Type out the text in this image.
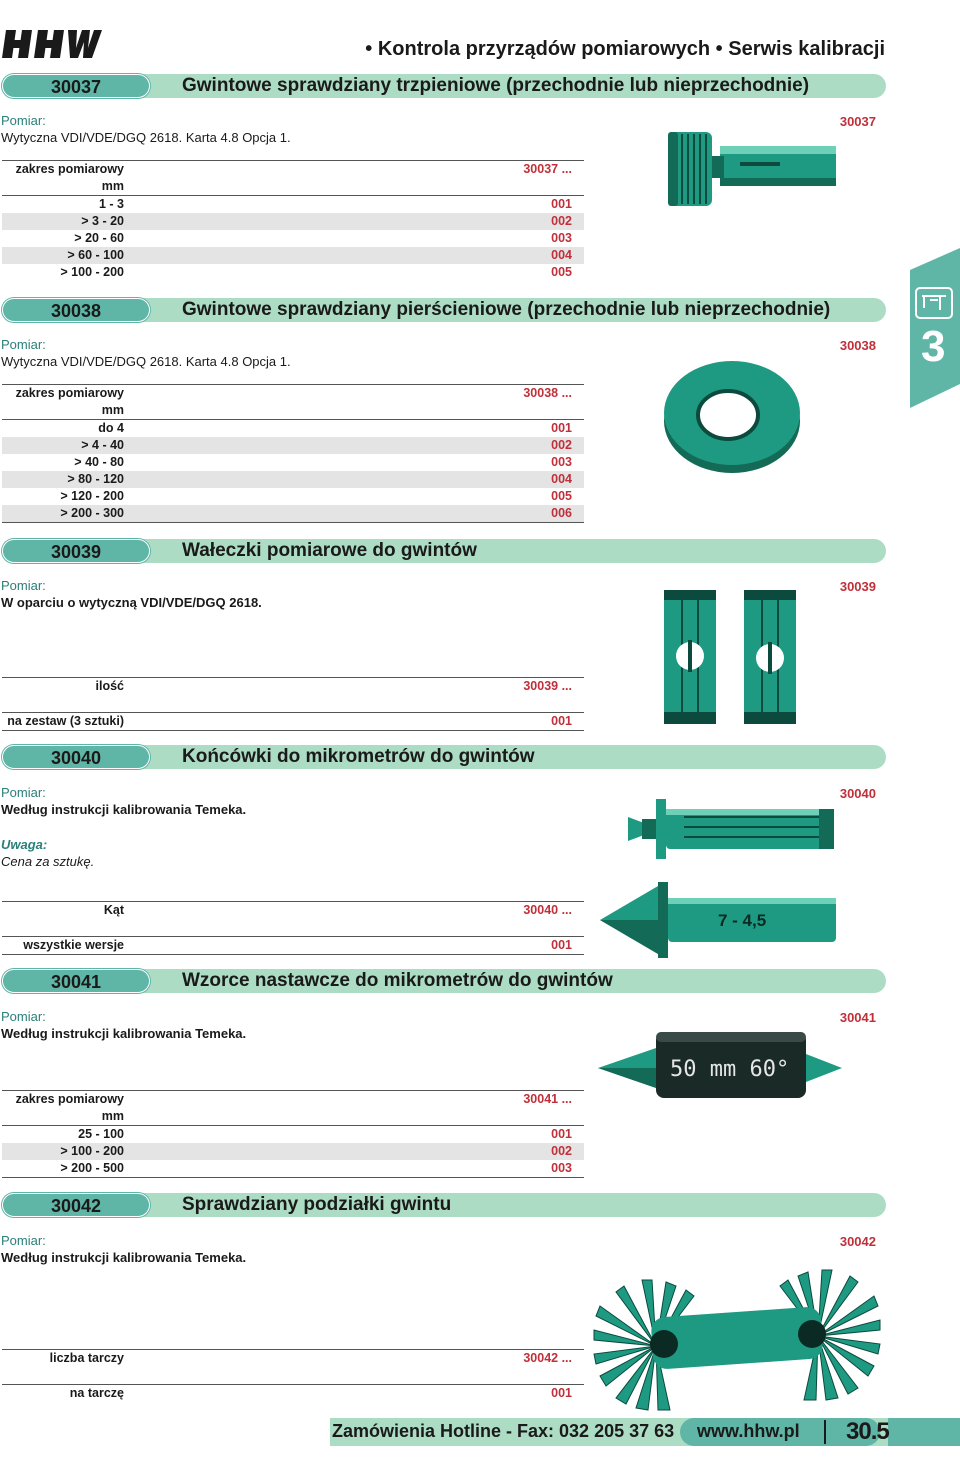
• Kontrola przyrządów pomiarowych • Serwis kalibracji
3
30037	Gwintowe sprawdziany trzpieniowe (przechodnie lub nieprzechodnie)
Pomiar:
Wytyczna VDI/VDE/DGQ 2618. Karta 4.8 Opcja 1.
30037
zakres pomiarowy	30037 ...
mm	
1 - 3	001
> 3 - 20	002
> 20 - 60	003
> 60 - 100	004
> 100 - 200	005
30038	Gwintowe sprawdziany pierścieniowe (przechodnie lub nieprzechodnie)
Pomiar:
Wytyczna VDI/VDE/DGQ 2618. Karta 4.8 Opcja 1.
30038
zakres pomiarowy	30038 ...
mm	
do 4	001
> 4 - 40	002
> 40 - 80	003
> 80 - 120	004
> 120 - 200	005
> 200 - 300	006
30039	Wałeczki pomiarowe do gwintów
Pomiar:
W oparciu o wytyczną VDI/VDE/DGQ 2618.
30039
ilość	30039 ...

na zestaw (3 sztuki)	001
30040	Końcówki do mikrometrów do gwintów
Pomiar:
Według instrukcji kalibrowania Temeka.
Uwaga:
Cena za sztukę.
30040
Kąt	30040 ...

wszystkie wersje	001
7 - 4,5
30041	Wzorce nastawcze do mikrometrów do gwintów
Pomiar:
Według instrukcji kalibrowania Temeka.
30041
zakres pomiarowy	30041 ...
mm	
25 - 100	001
> 100 - 200	002
> 200 - 500	003
50 mm 60°
30042	Sprawdziany podziałki gwintu
Pomiar:
Według instrukcji kalibrowania Temeka.
30042
liczba tarczy	30042 ...

na tarczę	001
Zamówienia Hotline - Fax: 032 205 37 63 www.hhw.pl 30.5
